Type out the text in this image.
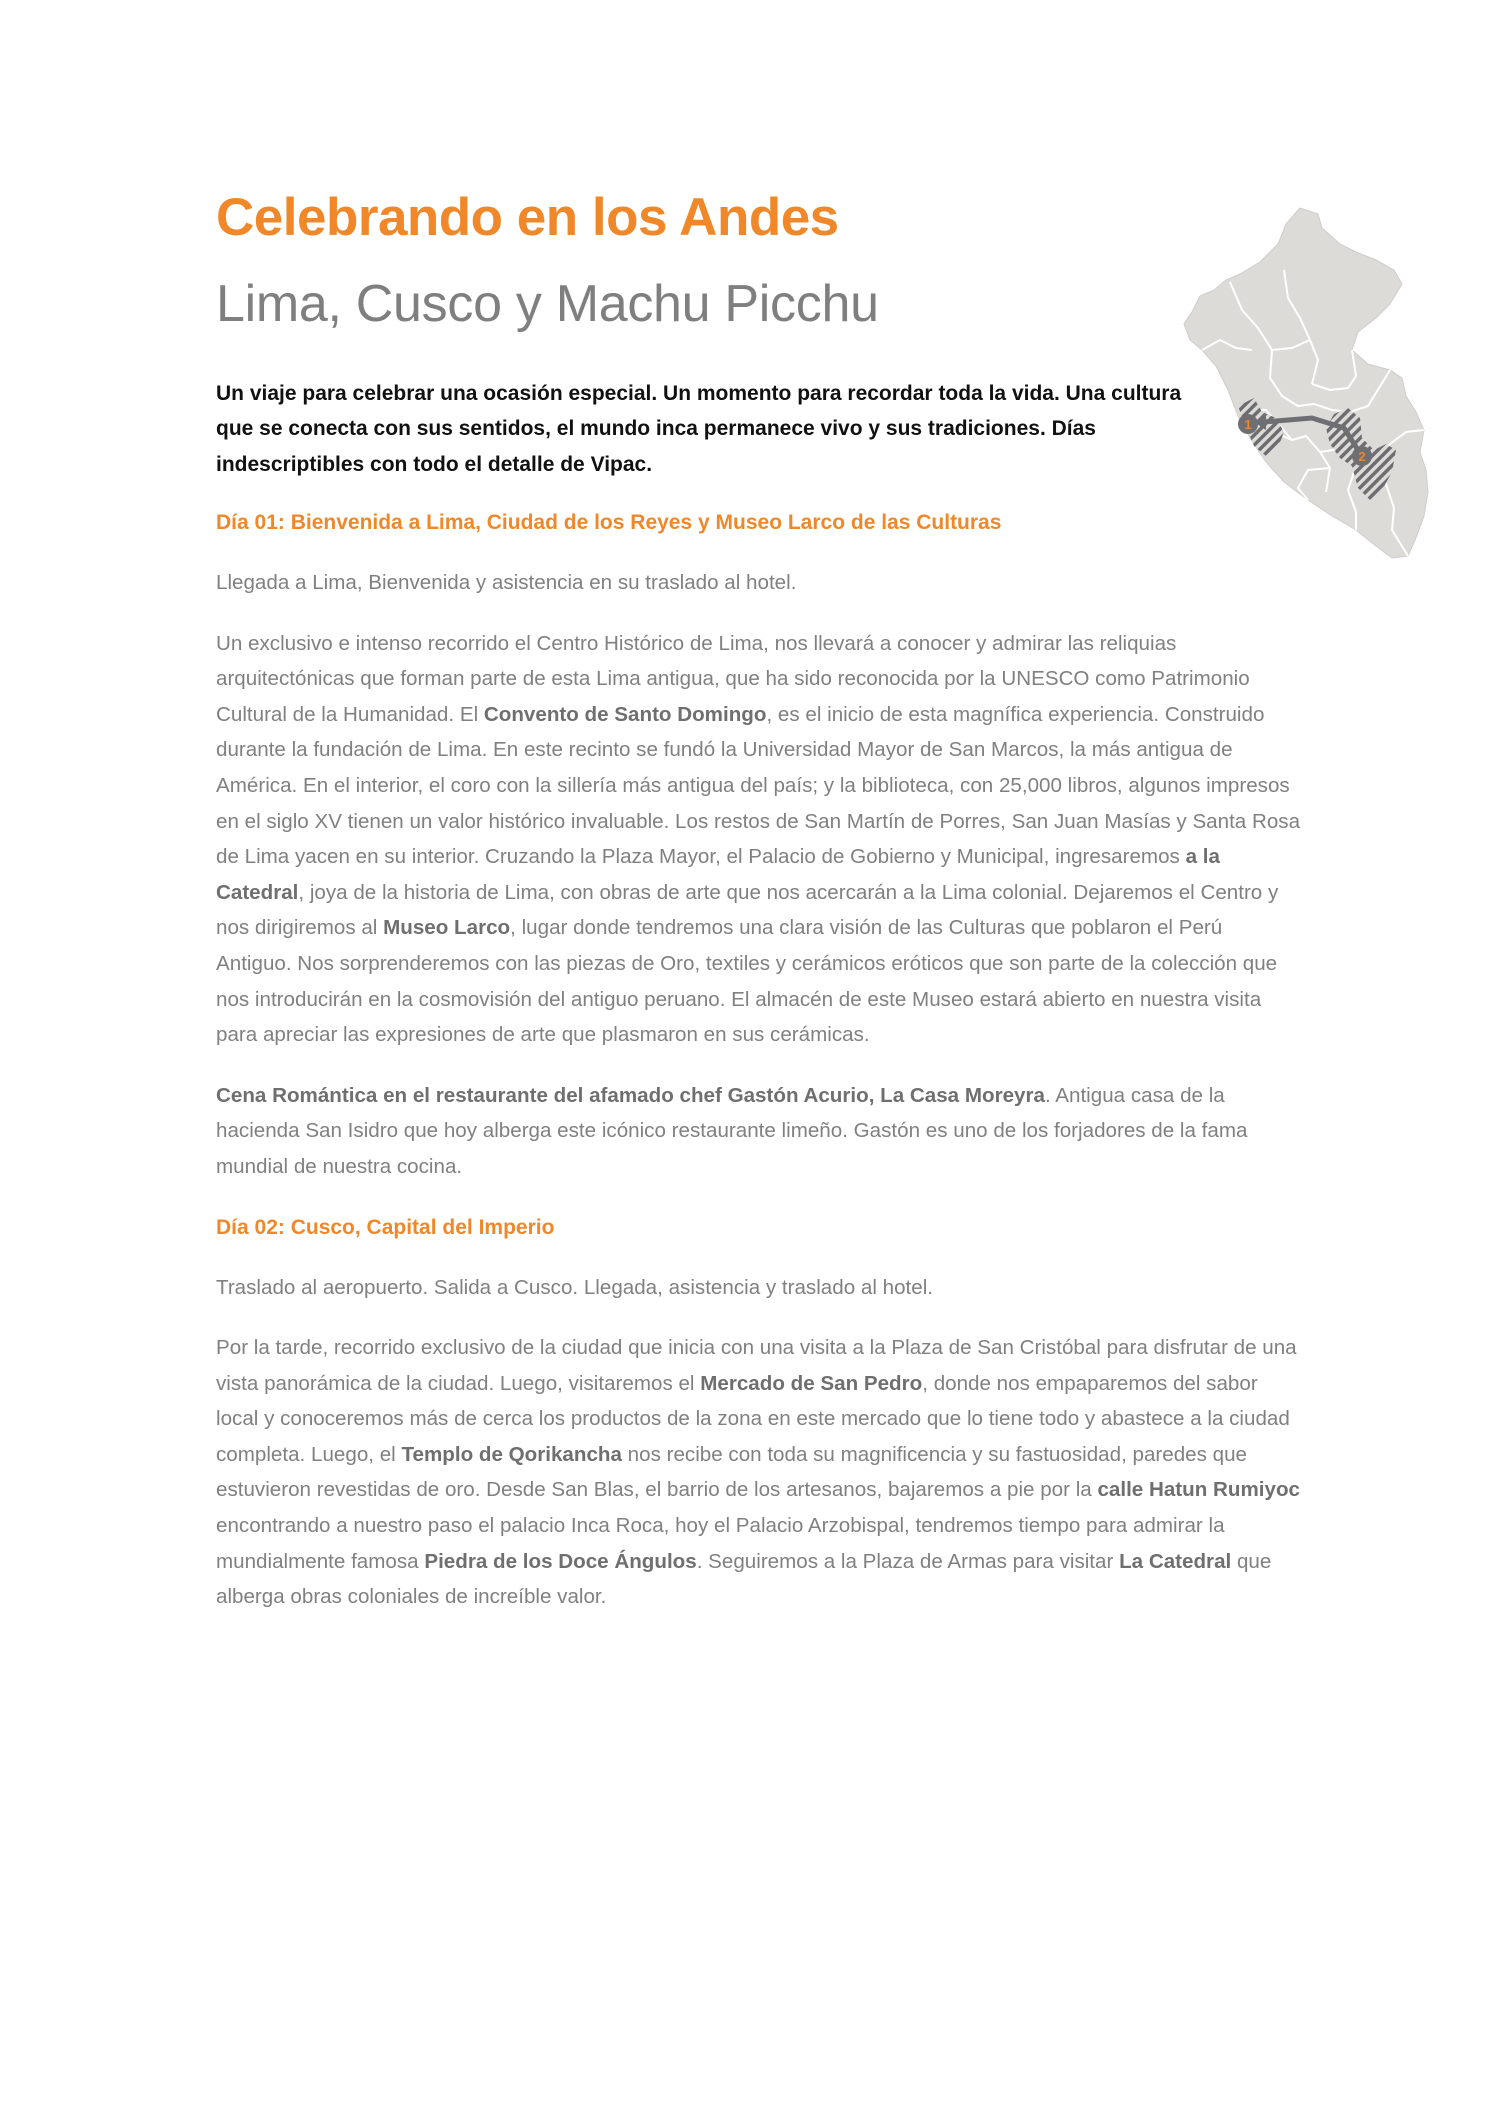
Celebrando en los Andes
Lima, Cusco y Machu Picchu

Un viaje para celebrar una ocasión especial. Un momento para recordar toda la vida. Una cultura que se conecta con sus sentidos, el mundo inca permanece vivo y sus tradiciones. Días indescriptibles con todo el detalle de Vipac.

Día 01: Bienvenida a Lima, Ciudad de los Reyes y Museo Larco de las Culturas

Llegada a Lima, Bienvenida y asistencia en su traslado al hotel.

Un exclusivo e intenso recorrido el Centro Histórico de Lima, nos llevará a conocer y admirar las reliquias arquitectónicas que forman parte de esta Lima antigua, que ha sido reconocida por la UNESCO como Patrimonio Cultural de la Humanidad. El Convento de Santo Domingo, es el inicio de esta magnífica experiencia. Construido durante la fundación de Lima. En este recinto se fundó la Universidad Mayor de San Marcos, la más antigua de América. En el interior, el coro con la sillería más antigua del país; y la biblioteca, con 25,000 libros, algunos impresos en el siglo XV tienen un valor histórico invaluable. Los restos de San Martín de Porres, San Juan Masías y Santa Rosa de Lima yacen en su interior. Cruzando la Plaza Mayor, el Palacio de Gobierno y Municipal, ingresaremos a la Catedral, joya de la historia de Lima, con obras de arte que nos acercarán a la Lima colonial. Dejaremos el Centro y nos dirigiremos al Museo Larco, lugar donde tendremos una clara visión de las Culturas que poblaron el Perú Antiguo. Nos sorprenderemos con las piezas de Oro, textiles y cerámicos eróticos que son parte de la colección que nos introducirán en la cosmovisión del antiguo peruano. El almacén de este Museo estará abierto en nuestra visita para apreciar las expresiones de arte que plasmaron en sus cerámicas.

Cena Romántica en el restaurante del afamado chef Gastón Acurio, La Casa Moreyra. Antigua casa de la hacienda San Isidro que hoy alberga este icónico restaurante limeño. Gastón es uno de los forjadores de la fama mundial de nuestra cocina.

Día 02: Cusco, Capital del Imperio

Traslado al aeropuerto. Salida a Cusco. Llegada, asistencia y traslado al hotel.

Por la tarde, recorrido exclusivo de la ciudad que inicia con una visita a la Plaza de San Cristóbal para disfrutar de una vista panorámica de la ciudad. Luego, visitaremos el Mercado de San Pedro, donde nos empaparemos del sabor local y conoceremos más de cerca los productos de la zona en este mercado que lo tiene todo y abastece a la ciudad completa. Luego, el Templo de Qorikancha nos recibe con toda su magnificencia y su fastuosidad, paredes que estuvieron revestidas de oro. Desde San Blas, el barrio de los artesanos, bajaremos a pie por la calle Hatun Rumiyoc encontrando a nuestro paso el palacio Inca Roca, hoy el Palacio Arzobispal, tendremos tiempo para admirar la mundialmente famosa Piedra de los Doce Ángulos. Seguiremos a la Plaza de Armas para visitar La Catedral que alberga obras coloniales de increíble valor.

1
2
